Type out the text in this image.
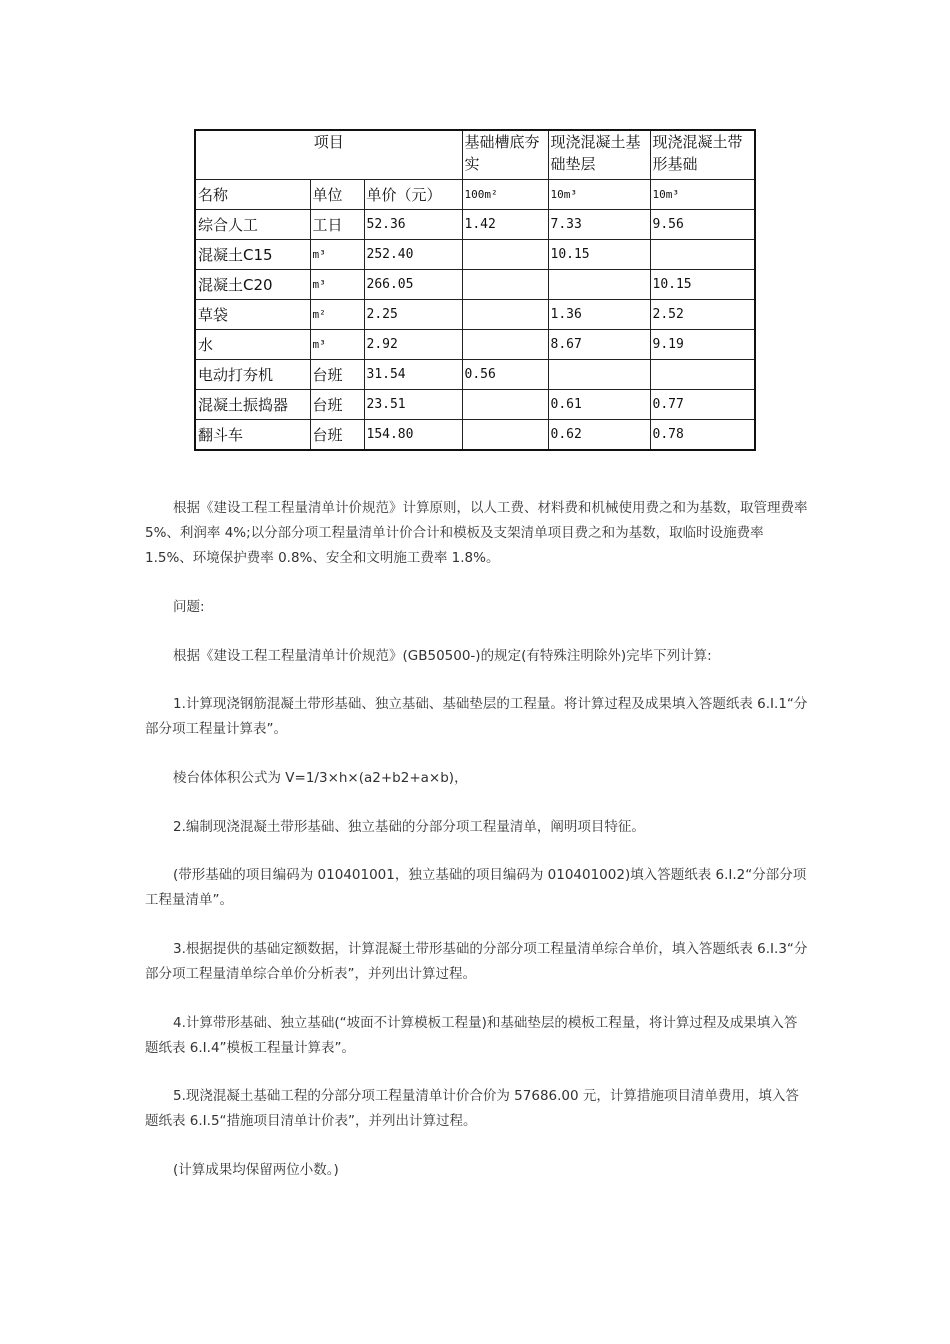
项目			基础槽底夯实	现浇混凝土基础垫层	现浇混凝土带形基础
名称	单位	单价（元）	100m²	10m³	10m³
综合人工	工日	52.36	1.42	7.33	9.56
混凝土C15	m³	252.40		10.15	
混凝土C20	m³	266.05			10.15
草袋	m²	2.25		1.36	2.52
水	m³	2.92		8.67	9.19
电动打夯机	台班	31.54	0.56		
混凝土振捣器	台班	23.51		0.61	0.77
翻斗车	台班	154.80		0.62	0.78

根据《建设工程工程量清单计价规范》计算原则，以人工费、材料费和机械使用费之和为基数，取管理费率 5%、利润率 4%;以分部分项工程量清单计价合计和模板及支架清单项目费之和为基数，取临时设施费率 1.5%、环境保护费率 0.8%、安全和文明施工费率 1.8%。

问题:

根据《建设工程工程量清单计价规范》(GB50500-)的规定(有特殊注明除外)完毕下列计算:

1.计算现浇钢筋混凝土带形基础、独立基础、基础垫层的工程量。将计算过程及成果填入答题纸表 6.Ⅰ.1“分部分项工程量计算表”。

棱台体体积公式为 V=1/3×h×(a2+b2+a×b)，

2.编制现浇混凝土带形基础、独立基础的分部分项工程量清单，阐明项目特征。

(带形基础的项目编码为 010401001，独立基础的项目编码为 010401002)填入答题纸表 6.Ⅰ.2“分部分项工程量清单”。

3.根据提供的基础定额数据，计算混凝土带形基础的分部分项工程量清单综合单价，填入答题纸表 6.Ⅰ.3“分部分项工程量清单综合单价分析表”，并列出计算过程。

4.计算带形基础、独立基础(“坡面不计算模板工程量)和基础垫层的模板工程量，将计算过程及成果填入答题纸表 6.Ⅰ.4”模板工程量计算表”。

5.现浇混凝土基础工程的分部分项工程量清单计价合价为 57686.00 元，计算措施项目清单费用，填入答题纸表 6.Ⅰ.5“措施项目清单计价表”，并列出计算过程。

(计算成果均保留两位小数。)
